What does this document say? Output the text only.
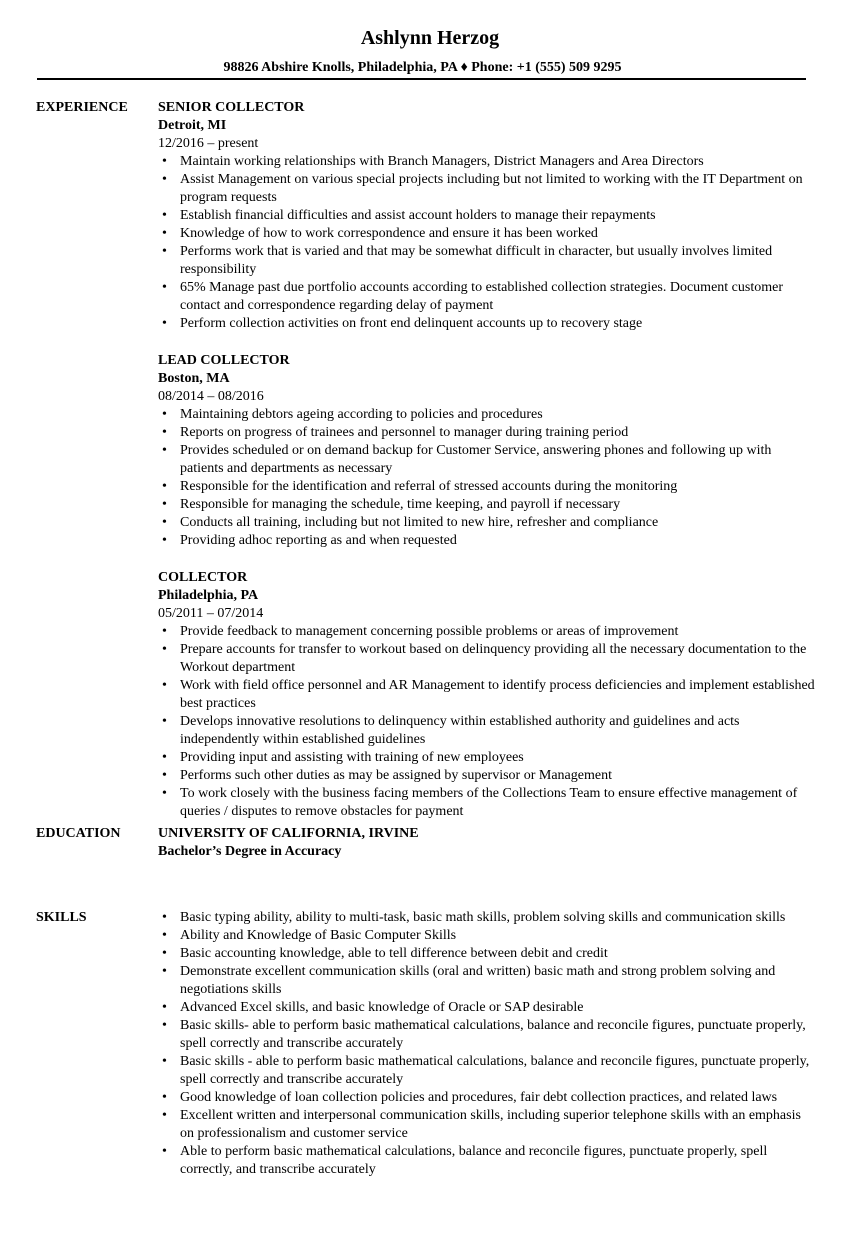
Ashlynn Herzog
98826 Abshire Knolls, Philadelphia, PA ♦ Phone: +1 (555) 509 9295
EXPERIENCE SENIOR COLLECTOR
Detroit, MI
12/2016 – present
• Maintain working relationships with Branch Managers, District Managers and Area Directors
• Assist Management on various special projects including but not limited to working with the IT Department on program requests
• Establish financial difficulties and assist account holders to manage their repayments
• Knowledge of how to work correspondence and ensure it has been worked
• Performs work that is varied and that may be somewhat difficult in character, but usually involves limited responsibility
• 65% Manage past due portfolio accounts according to established collection strategies. Document customer contact and correspondence regarding delay of payment
• Perform collection activities on front end delinquent accounts up to recovery stage
LEAD COLLECTOR
Boston, MA
08/2014 – 08/2016
• Maintaining debtors ageing according to policies and procedures
• Reports on progress of trainees and personnel to manager during training period
• Provides scheduled or on demand backup for Customer Service, answering phones and following up with patients and departments as necessary
• Responsible for the identification and referral of stressed accounts during the monitoring
• Responsible for managing the schedule, time keeping, and payroll if necessary
• Conducts all training, including but not limited to new hire, refresher and compliance
• Providing adhoc reporting as and when requested
COLLECTOR
Philadelphia, PA
05/2011 – 07/2014
• Provide feedback to management concerning possible problems or areas of improvement
• Prepare accounts for transfer to workout based on delinquency providing all the necessary documentation to the Workout department
• Work with field office personnel and AR Management to identify process deficiencies and implement established best practices
• Develops innovative resolutions to delinquency within established authority and guidelines and acts independently within established guidelines
• Providing input and assisting with training of new employees
• Performs such other duties as may be assigned by supervisor or Management
• To work closely with the business facing members of the Collections Team to ensure effective management of queries / disputes to remove obstacles for payment
EDUCATION	UNIVERSITY OF CALIFORNIA, IRVINE
Bachelor’s Degree in Accuracy
SKILLS
•	Basic typing ability, ability to multi-task, basic math skills, problem solving skills and communication skills
• Ability and Knowledge of Basic Computer Skills
• Basic accounting knowledge, able to tell difference between debit and credit
• Demonstrate excellent communication skills (oral and written) basic math and strong problem solving and negotiations skills
• Advanced Excel skills, and basic knowledge of Oracle or SAP desirable
• Basic skills- able to perform basic mathematical calculations, balance and reconcile figures, punctuate properly, spell correctly and transcribe accurately
• Basic skills - able to perform basic mathematical calculations, balance and reconcile figures, punctuate properly, spell correctly and transcribe accurately
• Good knowledge of loan collection policies and procedures, fair debt collection practices, and related laws
• Excellent written and interpersonal communication skills, including superior telephone skills with an emphasis on professionalism and customer service
• Able to perform basic mathematical calculations, balance and reconcile figures, punctuate properly, spell correctly, and transcribe accurately
